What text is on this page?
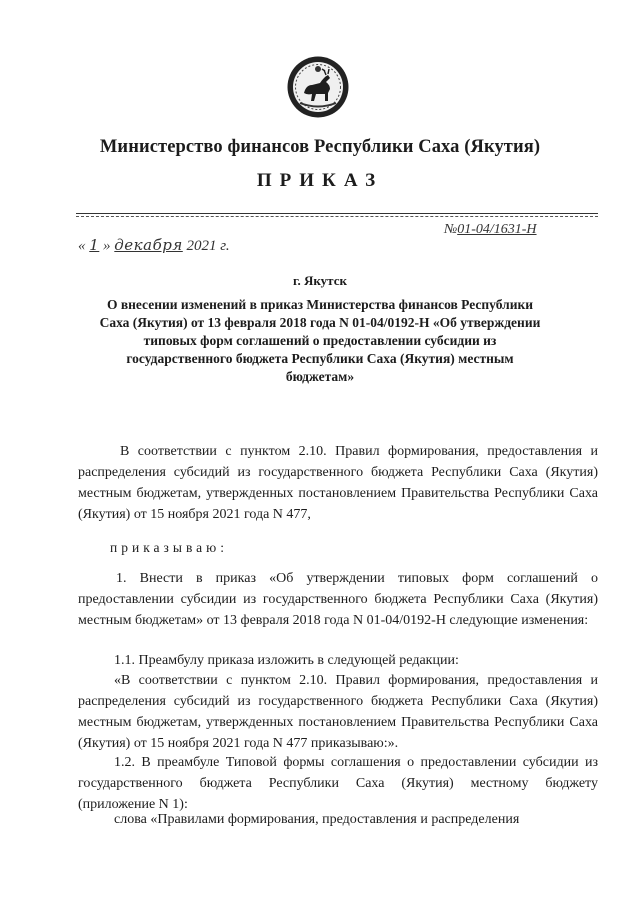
Министерство финансов Республики Саха (Якутия)
ПРИКАЗ
« 1 » декабря 2021 г.
№01-04/1631-Н
г. Якутск
О внесении изменений в приказ Министерства финансов Республики
Саха (Якутия) от 13 февраля 2018 года N 01-04/0192-Н «Об утверждении
типовых форм соглашений о предоставлении субсидии из
государственного бюджета Республики Саха (Якутия) местным
бюджетам»
В соответствии с пунктом 2.10. Правил формирования, предоставления и распределения субсидий из государственного бюджета Республики Саха (Якутия) местным бюджетам, утвержденных постановлением Правительства Республики Саха (Якутия) от 15 ноября 2021 года N 477,
приказываю:
1. Внести в приказ «Об утверждении типовых форм соглашений о предоставлении субсидии из государственного бюджета Республики Саха (Якутия) местным бюджетам» от 13 февраля 2018 года N 01-04/0192-Н следующие изменения:
1.1. Преамбулу приказа изложить в следующей редакции:
«В соответствии с пунктом 2.10. Правил формирования, предоставления и распределения субсидий из государственного бюджета Республики Саха (Якутия) местным бюджетам, утвержденных постановлением Правительства Республики Саха (Якутия) от 15 ноября 2021 года N 477 приказываю:».
1.2. В преамбуле Типовой формы соглашения о предоставлении субсидии из государственного бюджета Республики Саха (Якутия) местному бюджету (приложение N 1):
слова «Правилами формирования, предоставления и распределения
